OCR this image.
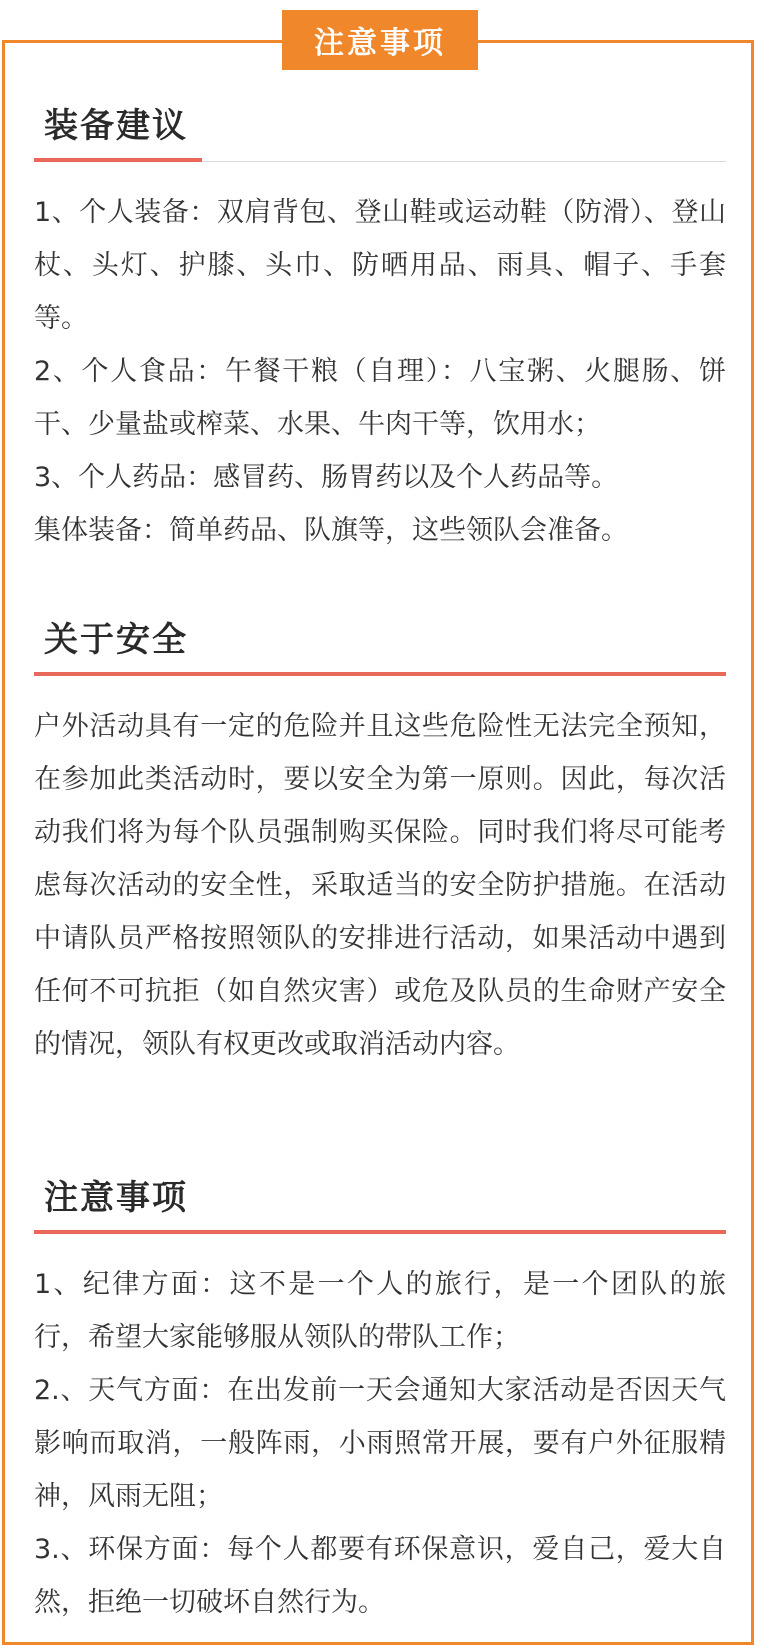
注意事项
装备建议

1、个人装备：双肩背包、登山鞋或运动鞋（防滑）、登山杖、头灯、护膝、头巾、防晒用品、雨具、帽子、手套等。

2、个人食品：午餐干粮（自理）：八宝粥、火腿肠、饼干、少量盐或榨菜、水果、牛肉干等，饮用水；

3、个人药品：感冒药、肠胃药以及个人药品等。

集体装备：简单药品、队旗等，这些领队会准备。

关于安全

户外活动具有一定的危险并且这些危险性无法完全预知，在参加此类活动时，要以安全为第一原则。因此，每次活动我们将为每个队员强制购买保险。同时我们将尽可能考虑每次活动的安全性，采取适当的安全防护措施。在活动中请队员严格按照领队的安排进行活动，如果活动中遇到任何不可抗拒（如自然灾害）或危及队员的生命财产安全的情况，领队有权更改或取消活动内容。

注意事项

1、纪律方面：这不是一个人的旅行，是一个团队的旅行，希望大家能够服从领队的带队工作；

2.、天气方面：在出发前一天会通知大家活动是否因天气影响而取消，一般阵雨，小雨照常开展，要有户外征服精神，风雨无阻；

3.、环保方面：每个人都要有环保意识，爱自己，爱大自然，拒绝一切破坏自然行为。
